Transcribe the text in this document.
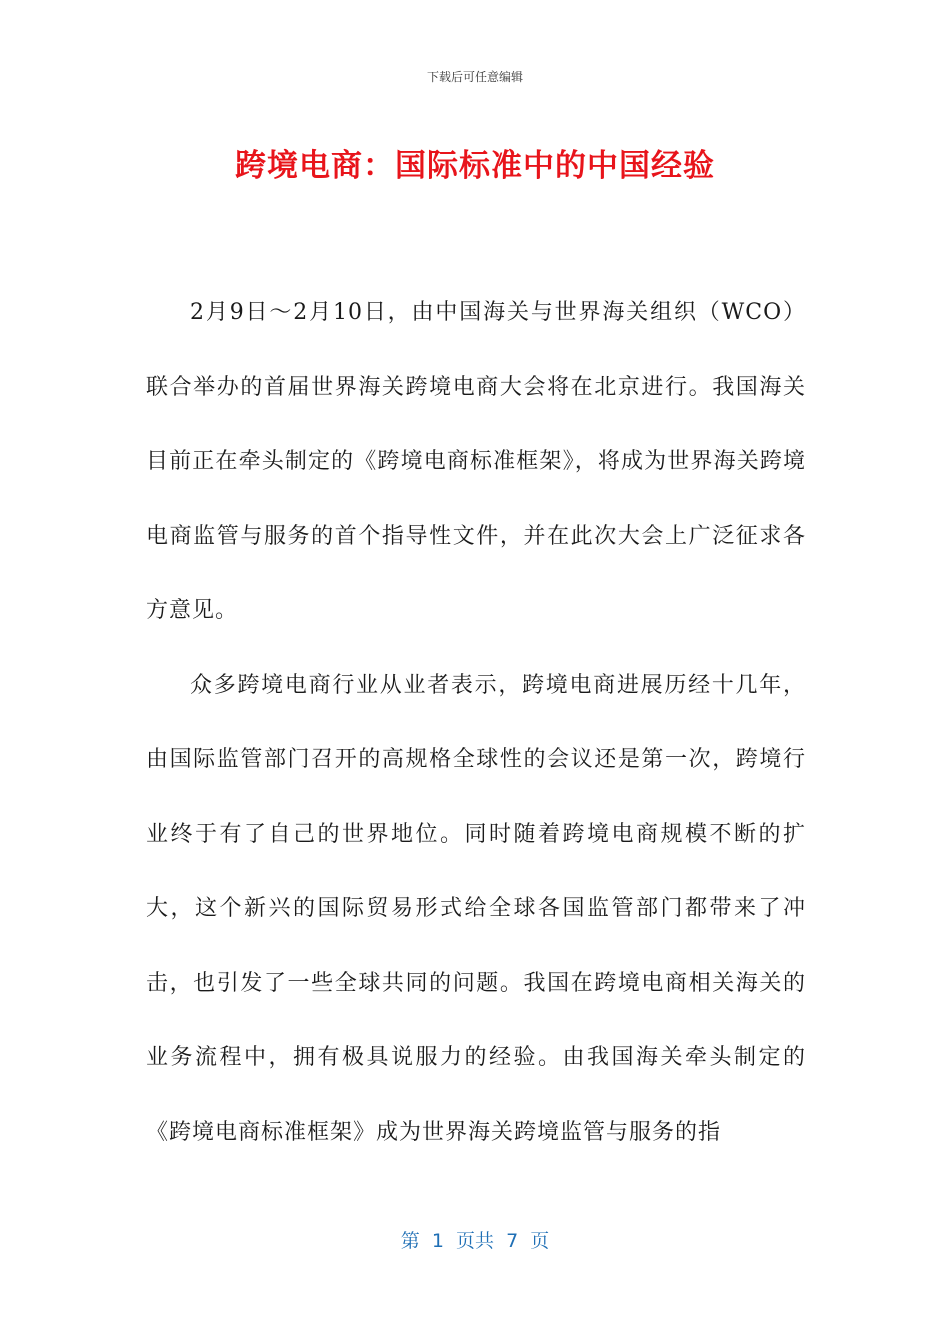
下载后可任意编辑
跨境电商：国际标准中的中国经验

2月9日～2月10日，由中国海关与世界海关组织（WCO）联合举办的首届世界海关跨境电商大会将在北京进行。我国海关目前正在牵头制定的《跨境电商标准框架》，将成为世界海关跨境电商监管与服务的首个指导性文件，并在此次大会上广泛征求各方意见。

众多跨境电商行业从业者表示，跨境电商进展历经十几年，由国际监管部门召开的高规格全球性的会议还是第一次，跨境行业终于有了自己的世界地位。同时随着跨境电商规模不断的扩大，这个新兴的国际贸易形式给全球各国监管部门都带来了冲击，也引发了一些全球共同的问题。我国在跨境电商相关海关的业务流程中，拥有极具说服力的经验。由我国海关牵头制定的《跨境电商标准框架》成为世界海关跨境监管与服务的指

第  1  页共  7  页
